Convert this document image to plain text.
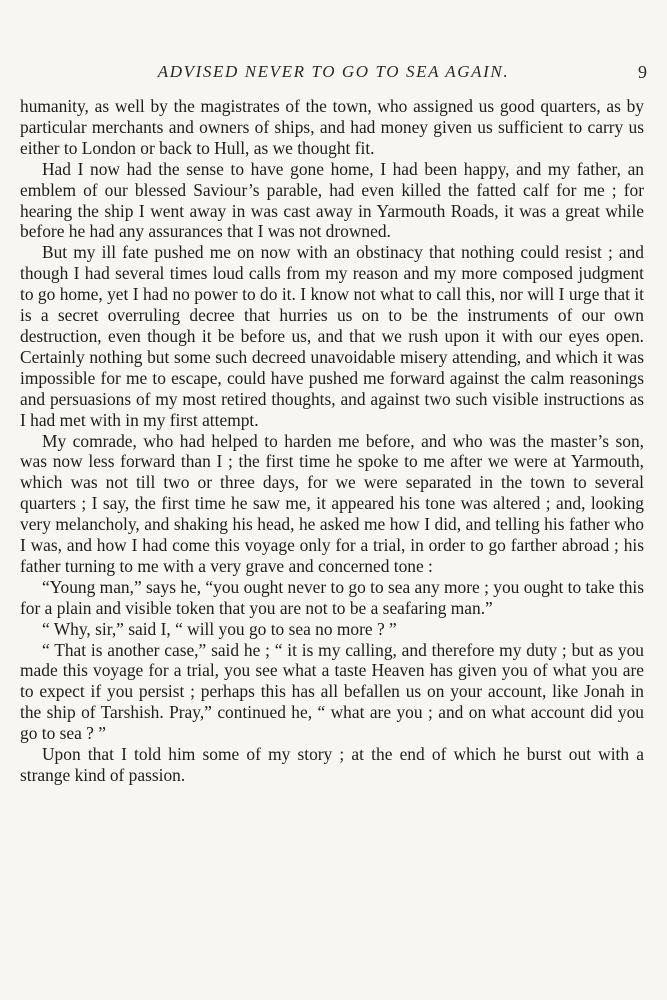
ADVISED NEVER TO GO TO SEA AGAIN.	9

humanity, as well by the magistrates of the town, who assigned us good quarters, as by particular merchants and owners of ships, and had money given us sufficient to carry us either to London or back to Hull, as we thought fit.

Had I now had the sense to have gone home, I had been happy, and my father, an emblem of our blessed Saviour’s parable, had even killed the fatted calf for me ; for hearing the ship I went away in was cast away in Yarmouth Roads, it was a great while before he had any assurances that I was not drowned.

But my ill fate pushed me on now with an obstinacy that nothing could resist ; and though I had several times loud calls from my reason and my more composed judgment to go home, yet I had no power to do it. I know not what to call this, nor will I urge that it is a secret overruling decree that hurries us on to be the instruments of our own destruction, even though it be before us, and that we rush upon it with our eyes open. Certainly nothing but some such decreed unavoidable misery attending, and which it was impossible for me to escape, could have pushed me forward against the calm reasonings and persuasions of my most retired thoughts, and against two such visible instructions as I had met with in my first attempt.

My comrade, who had helped to harden me before, and who was the master’s son, was now less forward than I ; the first time he spoke to me after we were at Yarmouth, which was not till two or three days, for we were separated in the town to several quarters ; I say, the first time he saw me, it appeared his tone was altered ; and, looking very melancholy, and shaking his head, he asked me how I did, and telling his father who I was, and how I had come this voyage only for a trial, in order to go farther abroad ; his father turning to me with a very grave and concerned tone :

“Young man,” says he, “you ought never to go to sea any more ; you ought to take this for a plain and visible token that you are not to be a seafaring man.”

“ Why, sir,” said I, “ will you go to sea no more ? ”

“ That is another case,” said he ; “ it is my calling, and therefore my duty ; but as you made this voyage for a trial, you see what a taste Heaven has given you of what you are to expect if you persist ; perhaps this has all befallen us on your account, like Jonah in the ship of Tarshish. Pray,” continued he, “ what are you ; and on what account did you go to sea ? ”

Upon that I told him some of my story ; at the end of which he burst out with a strange kind of passion.
